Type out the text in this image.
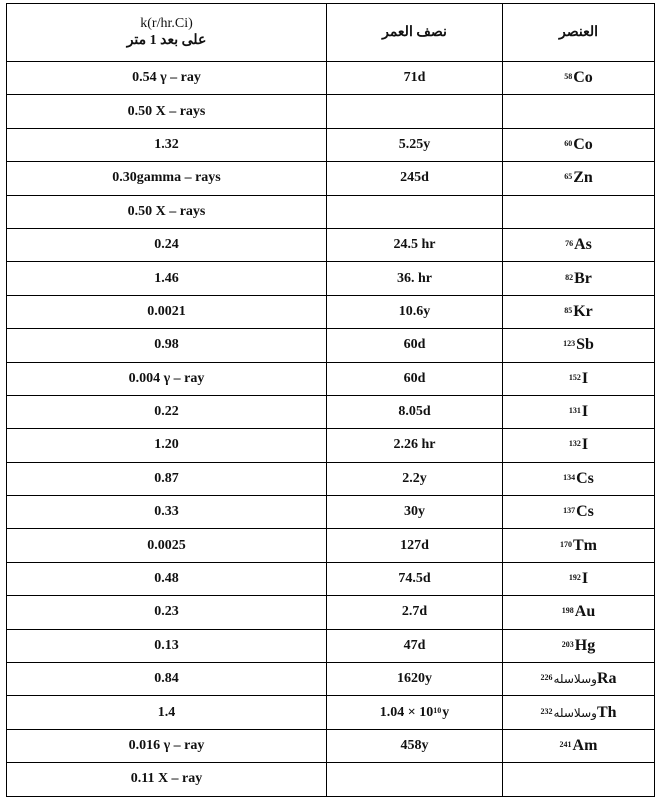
k(r/hr.Ci)
على بعد 1 متر	نصف العمر	العنصر
0.54 γ – ray	71d	$^{58}$Co
0.50 X – rays		
1.32	5.25y	$^{60}$Co
0.30gamma – rays	245d	$^{65}$Zn
0.50 X – rays		
0.24	24.5 hr	$^{76}$As
1.46	36. hr	$^{82}$Br
0.0021	10.6y	$^{85}$Kr
0.98	60d	$^{123}$Sb
0.004 γ – ray	60d	$^{152}$I
0.22	8.05d	$^{131}$I
1.20	2.26 hr	$^{132}$I
0.87	2.2y	$^{134}$Cs
0.33	30y	$^{137}$Cs
0.0025	127d	$^{170}$Tm
0.48	74.5d	$^{192}$I
0.23	2.7d	$^{198}$Au
0.13	47d	$^{203}$Hg
0.84	1620y	وسلاسله$^{226}$ Ra
1.4	$1.04 \times 10^{10}y$	وسلاسله$^{232}$ Th
0.016 γ – ray	458y	$^{241}$Am
0.11 X – ray		
